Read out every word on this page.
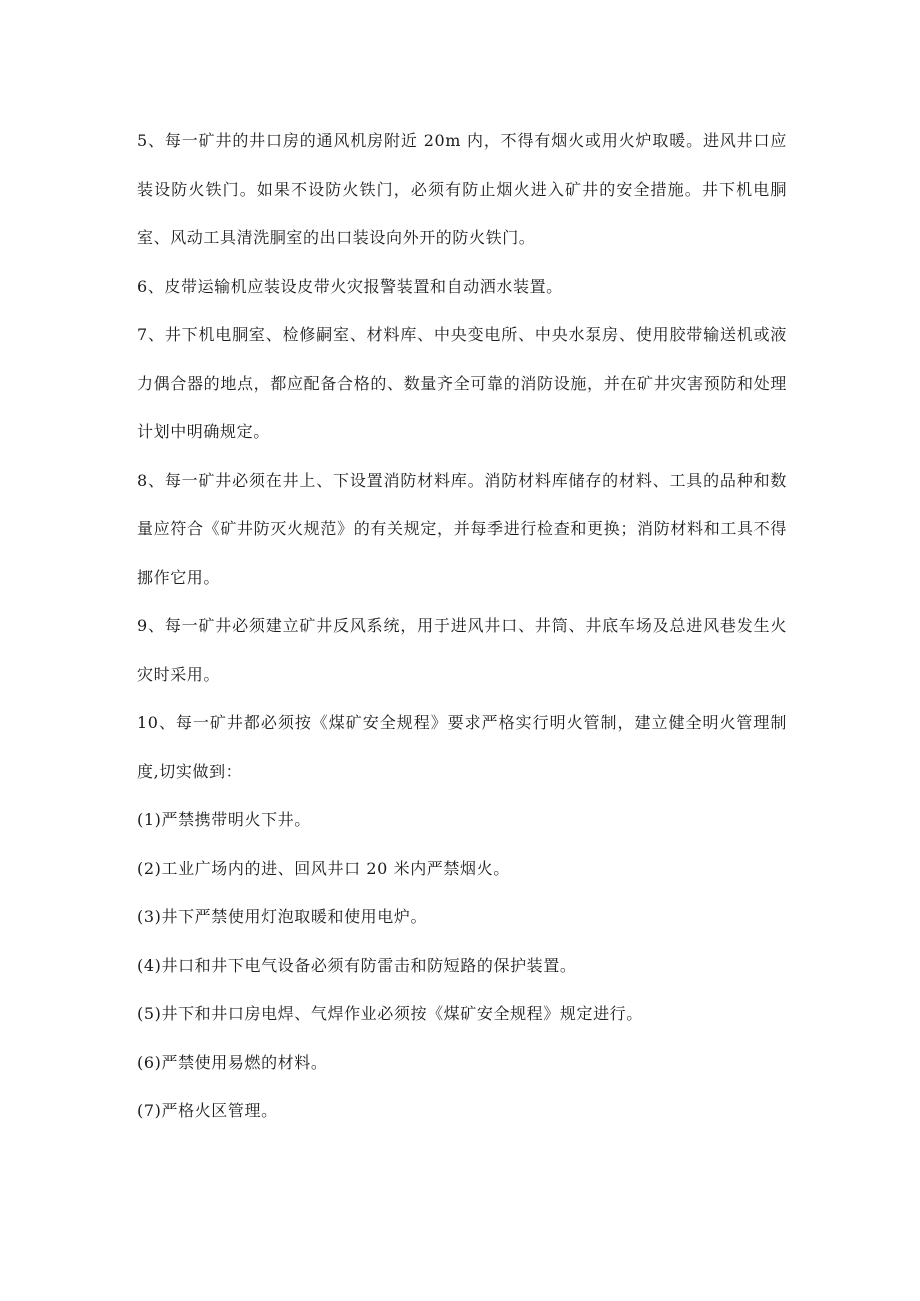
5、每一矿井的井口房的通风机房附近 20m 内，不得有烟火或用火炉取暖。进风井口应装设防火铁门。如果不设防火铁门，必须有防止烟火进入矿井的安全措施。井下机电胴室、风动工具清洗胴室的出口装设向外开的防火铁门。

6、皮带运输机应装设皮带火灾报警装置和自动洒水装置。

7、井下机电胴室、检修嗣室、材料库、中央变电所、中央水泵房、使用胶带输送机或液力偶合器的地点，都应配备合格的、数量齐全可靠的消防设施，并在矿井灾害预防和处理计划中明确规定。

8、每一矿井必须在井上、下设置消防材料库。消防材料库储存的材料、工具的品种和数量应符合《矿井防灭火规范》的有关规定，并每季进行检查和更换；消防材料和工具不得挪作它用。

9、每一矿井必须建立矿井反风系统，用于进风井口、井筒、井底车场及总进风巷发生火灾时采用。

10、每一矿井都必须按《煤矿安全规程》要求严格实行明火管制，建立健全明火管理制度,切实做到：

(1)严禁携带明火下井。

(2)工业广场内的进、回风井口 20 米内严禁烟火。

(3)井下严禁使用灯泡取暖和使用电炉。

(4)井口和井下电气设备必须有防雷击和防短路的保护装置。

(5)井下和井口房电焊、气焊作业必须按《煤矿安全规程》规定进行。

(6)严禁使用易燃的材料。

(7)严格火区管理。
